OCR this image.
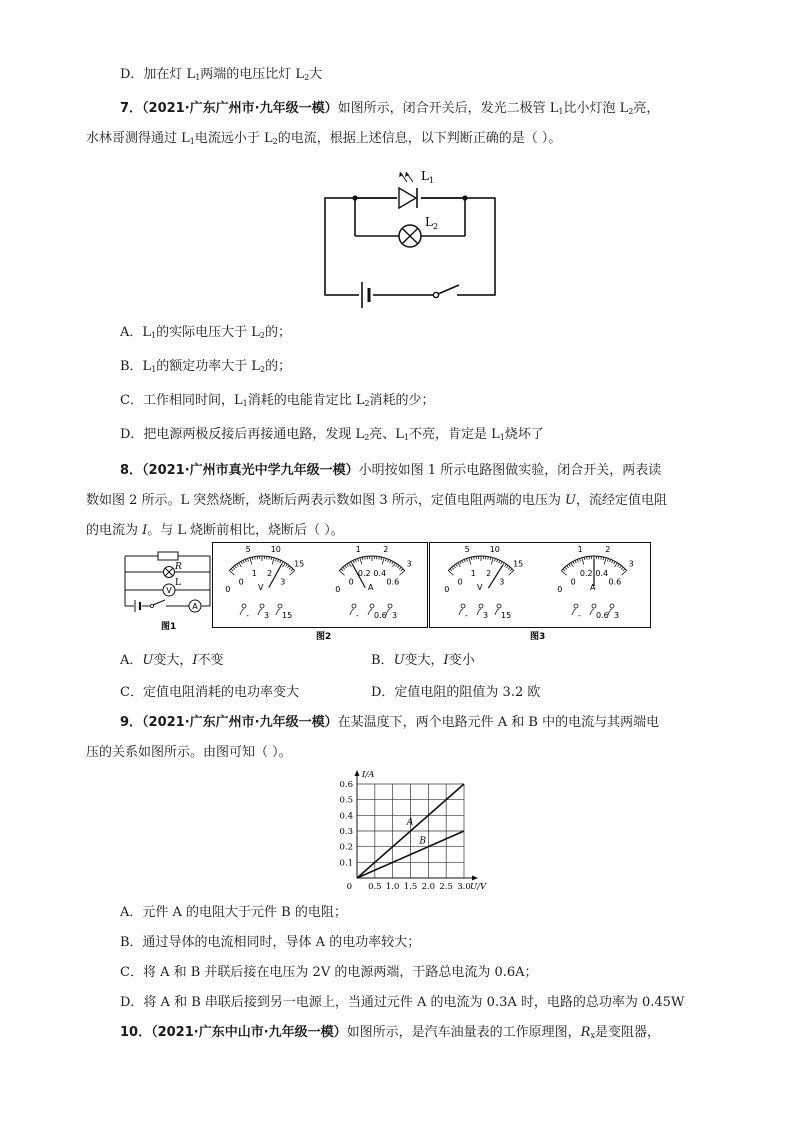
D．加在灯 $L_1$两端的电压比灯 $L_2$大
7．（2021·广东广州市·九年级一模）如图所示，闭合开关后，发光二极管 $L_1$比小灯泡 $L_2$亮，
水林哥测得通过 $L_1$电流远小于 $L_2$的电流，根据上述信息，以下判断正确的是（ ）。
$L_1$
$L_2$
A．$L_1$的实际电压大于 $L_2$的；
B．$L_1$的额定功率大于 $L_2$的；
C．工作相同时间，$L_1$消耗的电能肯定比 $L_2$消耗的少；
D．把电源两极反接后再接通电路，发现 $L_2$亮、$L_1$不亮，肯定是 $L_1$烧坏了
8．（2021·广州市真光中学九年级一模）小明按如图 1 所示电路图做实验，闭合开关，两表读
数如图 2 所示。L 突然烧断，烧断后两表示数如图 3 所示，定值电阻两端的电压为 U，流经定值电阻
的电流为 I。与 L 烧断前相比，烧断后（ ）。
R
L
V
A
图1
5 10
15
0
1 2
3
0	V
- 3 15
1	2
3
0
0.2 0.4
0.6
0	A
- 0.6 3
图2
5 10
15
0
1 2
3
0	V
- 3 15
1	2
3
0
0.2 0.4
0.6
0	A
- 0.6 3
图3
A．U变大，I不变	B．U变大，I变小
C．定值电阻消耗的电功率变大	D．定值电阻的阻值为 3.2 欧
9．（2021·广东广州市·九年级一模）在某温度下，两个电路元件 A 和 B 中的电流与其两端电
压的关系如图所示。由图可知（ ）。
0.5 1.0 1.5 2.0 2.5 3.0
0.1
0.2
0.3
0.4
0.5
0.6
0	U/V
I/A
A
B
A．元件 A 的电阻大于元件 B 的电阻；
B．通过导体的电流相同时，导体 A 的电功率较大；
C．将 A 和 B 并联后接在电压为 2V 的电源两端，干路总电流为 0.6A；
D．将 A 和 B 串联后接到另一电源上，当通过元件 A 的电流为 0.3A 时，电路的总功率为 0.45W
10．（2021·广东中山市·九年级一模）如图所示，是汽车油量表的工作原理图，$R_x$是变阻器，
